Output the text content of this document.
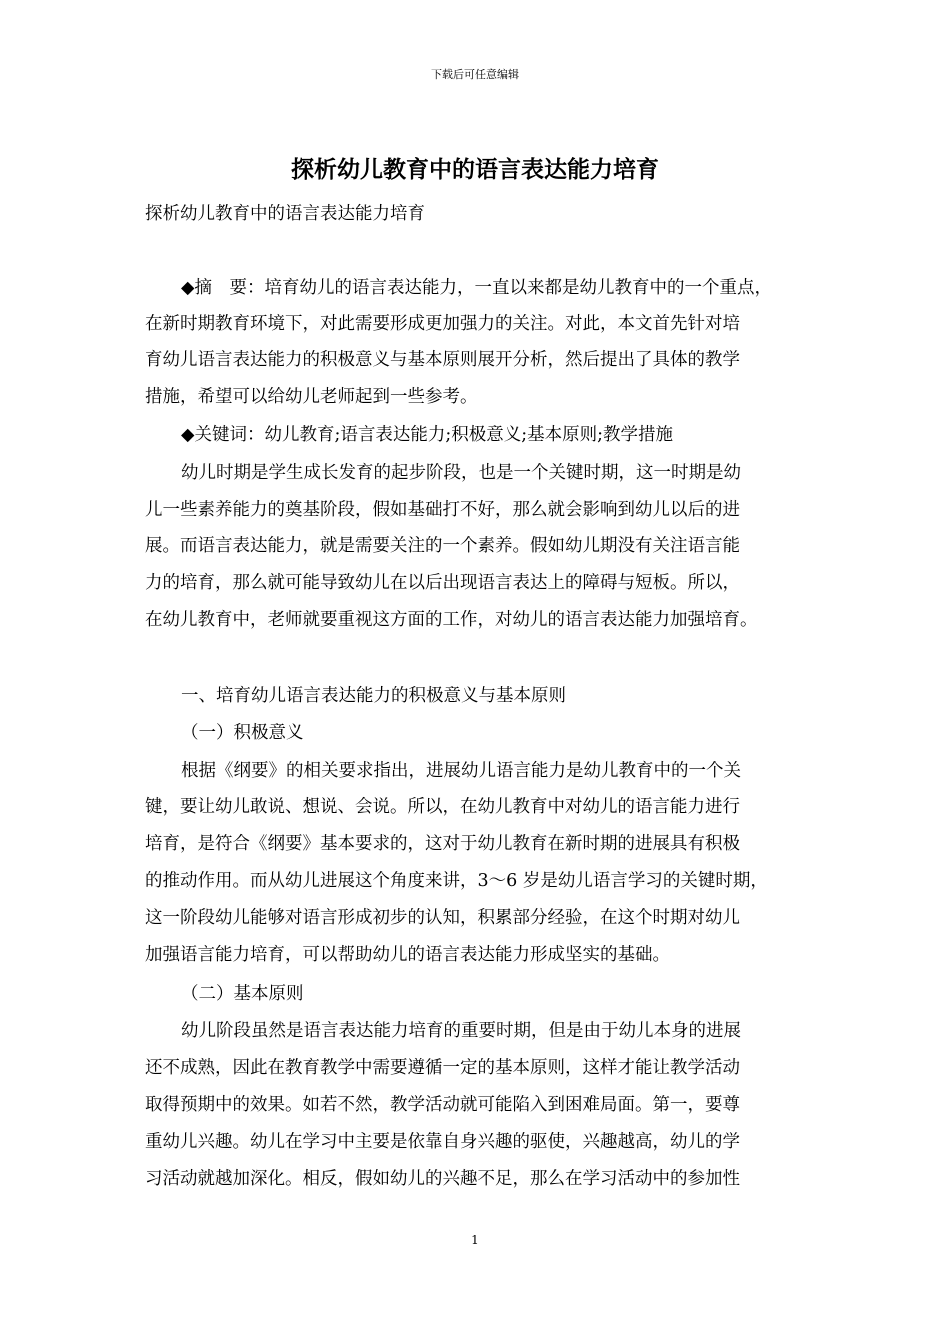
下载后可任意编辑
探析幼儿教育中的语言表达能力培育
探析幼儿教育中的语言表达能力培育
◆摘　要：培育幼儿的语言表达能力，一直以来都是幼儿教育中的一个重点，
在新时期教育环境下，对此需要形成更加强力的关注。对此，本文首先针对培
育幼儿语言表达能力的积极意义与基本原则展开分析，然后提出了具体的教学
措施，希望可以给幼儿老师起到一些参考。
◆关键词：幼儿教育;语言表达能力;积极意义;基本原则;教学措施
幼儿时期是学生成长发育的起步阶段，也是一个关键时期，这一时期是幼
儿一些素养能力的奠基阶段，假如基础打不好，那么就会影响到幼儿以后的进
展。而语言表达能力，就是需要关注的一个素养。假如幼儿期没有关注语言能
力的培育，那么就可能导致幼儿在以后出现语言表达上的障碍与短板。所以，
在幼儿教育中，老师就要重视这方面的工作，对幼儿的语言表达能力加强培育。
一、培育幼儿语言表达能力的积极意义与基本原则
（一）积极意义
根据《纲要》的相关要求指出，进展幼儿语言能力是幼儿教育中的一个关
键，要让幼儿敢说、想说、会说。所以，在幼儿教育中对幼儿的语言能力进行
培育，是符合《纲要》基本要求的，这对于幼儿教育在新时期的进展具有积极
的推动作用。而从幼儿进展这个角度来讲，3～6 岁是幼儿语言学习的关键时期，
这一阶段幼儿能够对语言形成初步的认知，积累部分经验，在这个时期对幼儿
加强语言能力培育，可以帮助幼儿的语言表达能力形成坚实的基础。
（二）基本原则
幼儿阶段虽然是语言表达能力培育的重要时期，但是由于幼儿本身的进展
还不成熟，因此在教育教学中需要遵循一定的基本原则，这样才能让教学活动
取得预期中的效果。如若不然，教学活动就可能陷入到困难局面。第一，要尊
重幼儿兴趣。幼儿在学习中主要是依靠自身兴趣的驱使，兴趣越高，幼儿的学
习活动就越加深化。相反，假如幼儿的兴趣不足，那么在学习活动中的参加性
1
